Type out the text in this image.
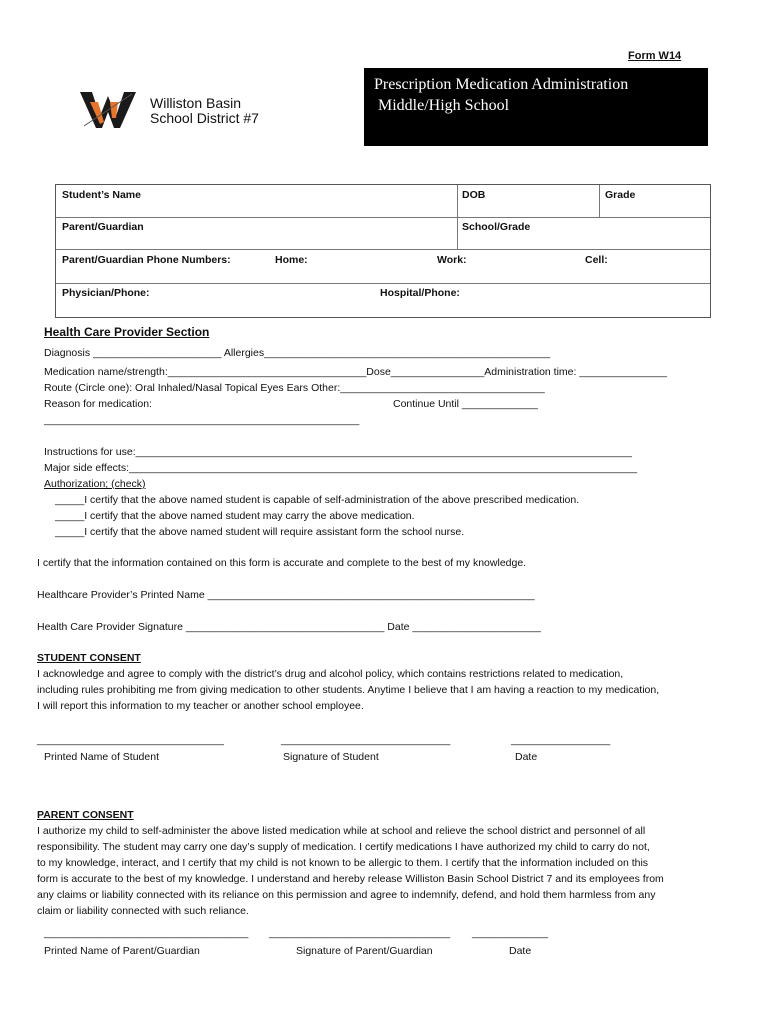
Form W14
Williston Basin
School District #7
Prescription Medication Administration
Middle/High School
Student’s Name	DOB	Grade
Parent/Guardian	School/Grade
Parent/Guardian Phone Numbers:	Home:	Work:	Cell:
Physician/Phone:	Hospital/Phone:
Health Care Provider Section
Diagnosis ______________________ Allergies_________________________________________________
Medication name/strength:__________________________________Dose________________Administration time: _______________
Route (Circle one): Oral Inhaled/Nasal Topical Eyes Ears Other:___________________________________
Reason for medication:	Continue Until _____________
______________________________________________________
Instructions for use:_____________________________________________________________________________________
Major side effects:_______________________________________________________________________________________
Authorization; (check)
_____I certify that the above named student is capable of self-administration of the above prescribed medication.
_____I certify that the above named student may carry the above medication.
_____I certify that the above named student will require assistant form the school nurse.
I certify that the information contained on this form is accurate and complete to the best of my knowledge.
Healthcare Provider’s Printed Name ________________________________________________________
Health Care Provider Signature __________________________________ Date ______________________
STUDENT CONSENT
I acknowledge and agree to comply with the district’s drug and alcohol policy, which contains restrictions related to medication,
including rules prohibiting me from giving medication to other students. Anytime I believe that I am having a reaction to my medication,
I will report this information to my teacher or another school employee.
________________________________	_____________________________	_________________
Printed Name of Student	Signature of Student	Date
PARENT CONSENT
I authorize my child to self-administer the above listed medication while at school and relieve the school district and personnel of all
responsibility. The student may carry one day’s supply of medication. I certify medications I have authorized my child to carry do not,
to my knowledge, interact, and I certify that my child is not known to be allergic to them. I certify that the information included on this
form is accurate to the best of my knowledge. I understand and hereby release Williston Basin School District 7 and its employees from
any claims or liability connected with its reliance on this permission and agree to indemnify, defend, and hold them harmless from any
claim or liability connected with such reliance.
___________________________________ _______________________________ _____________
Printed Name of Parent/Guardian	Signature of Parent/Guardian	Date
